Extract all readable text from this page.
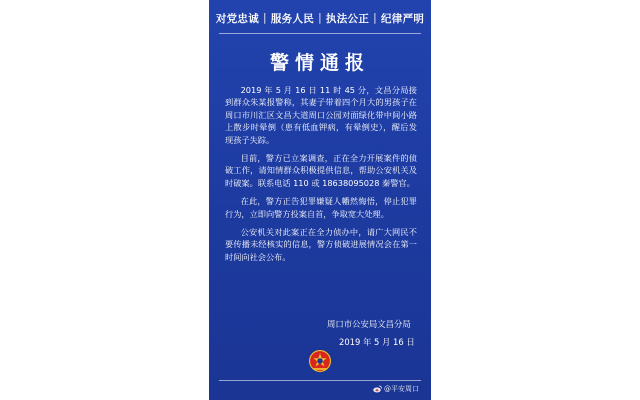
对党忠诚 | 服务人民 | 执法公正 | 纪律严明
警情通报

2019 年 5 月 16 日 11 时 45 分，文昌分局接到群众朱某报警称，其妻子带着四个月大的男孩子在周口市川汇区文昌大道周口公园对面绿化带中间小路上散步时晕倒（患有低血钾病，有晕倒史），醒后发现孩子失踪。

目前，警方已立案调查，正在全力开展案件的侦破工作，请知情群众积极提供信息，帮助公安机关及时破案。联系电话 110 或 18638095028 秦警官。

在此，警方正告犯罪嫌疑人幡然悔悟，停止犯罪行为，立即向警方投案自首，争取宽大处理。

公安机关对此案正在全力侦办中，请广大网民不要传播未经核实的信息，警方侦破进展情况会在第一时间向社会公布。

周口市公安局文昌分局
2019 年 5 月 16 日
@平安周口
